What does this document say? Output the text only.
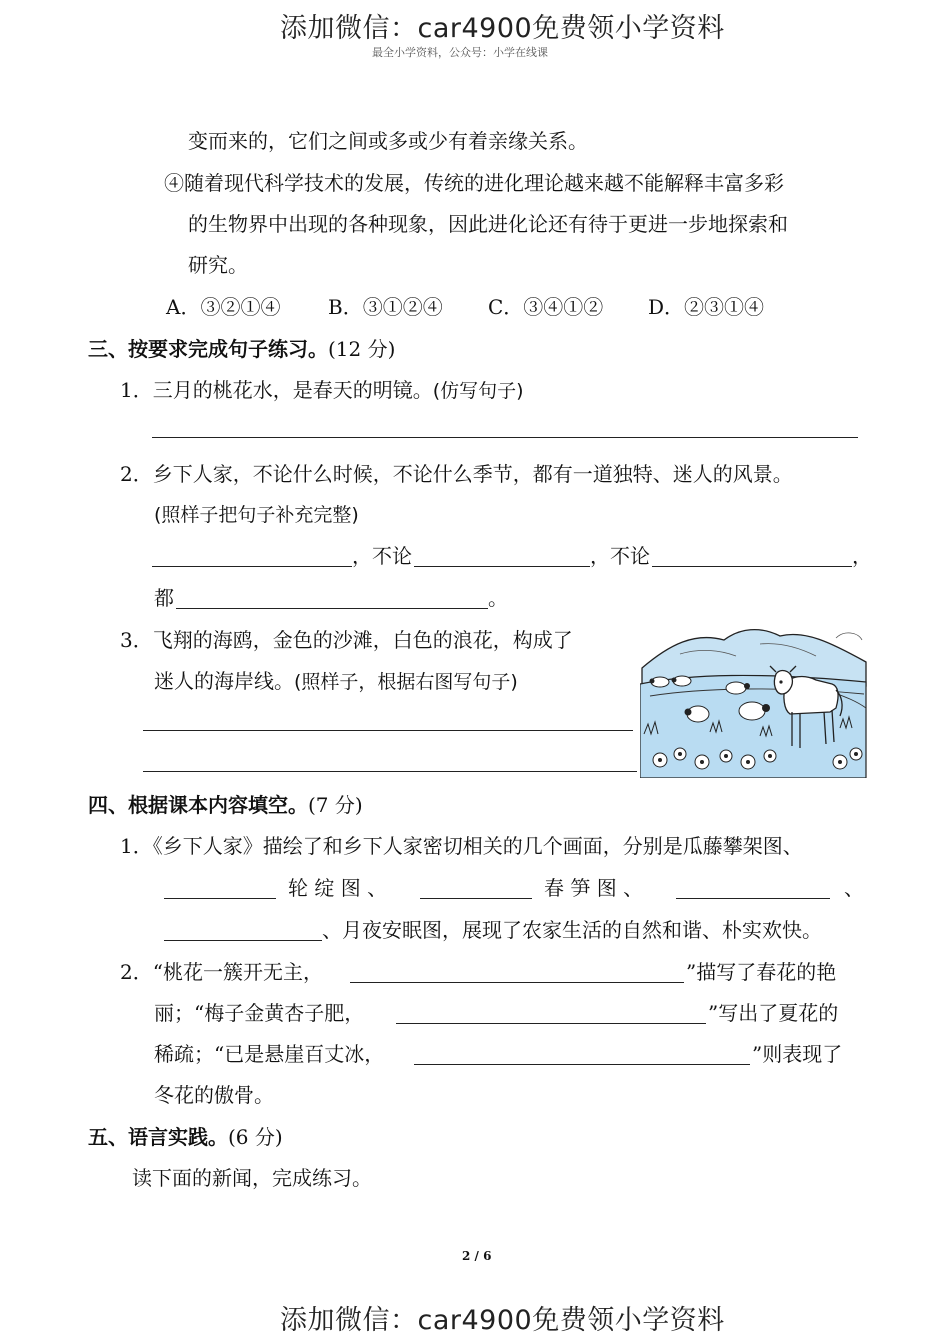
添加微信：car4900免费领小学资料
最全小学资料，公众号：小学在线课
变而来的，它们之间或多或少有着亲缘关系。
④随着现代科学技术的发展，传统的进化理论越来越不能解释丰富多彩
的生物界中出现的各种现象，因此进化论还有待于更进一步地探索和
研究。
A．③②①④ B．③①②④ C．③④①② D．②③①④
三、按要求完成句子练习。(12 分)
1．三月的桃花水，是春天的明镜。(仿写句子)
2．乡下人家，不论什么时候，不论什么季节，都有一道独特、迷人的风景。
(照样子把句子补充完整)
，不论	，不论	，
都	。
3．飞翔的海鸥，金色的沙滩，白色的浪花，构成了
迷人的海岸线。(照样子，根据右图写句子)
四、根据课本内容填空。(7 分)
1．《乡下人家》描绘了和乡下人家密切相关的几个画面，分别是瓜藤攀架图、
轮 绽 图 、	春 笋 图 、	、
、月夜安眠图，展现了农家生活的自然和谐、朴实欢快。
2．“桃花一簇开无主，	”描写了春花的艳
丽；“梅子金黄杏子肥，	”写出了夏花的
稀疏；“已是悬崖百丈冰，	”则表现了
冬花的傲骨。
五、语言实践。(6 分)
读下面的新闻，完成练习。
2 / 6
添加微信：car4900免费领小学资料
